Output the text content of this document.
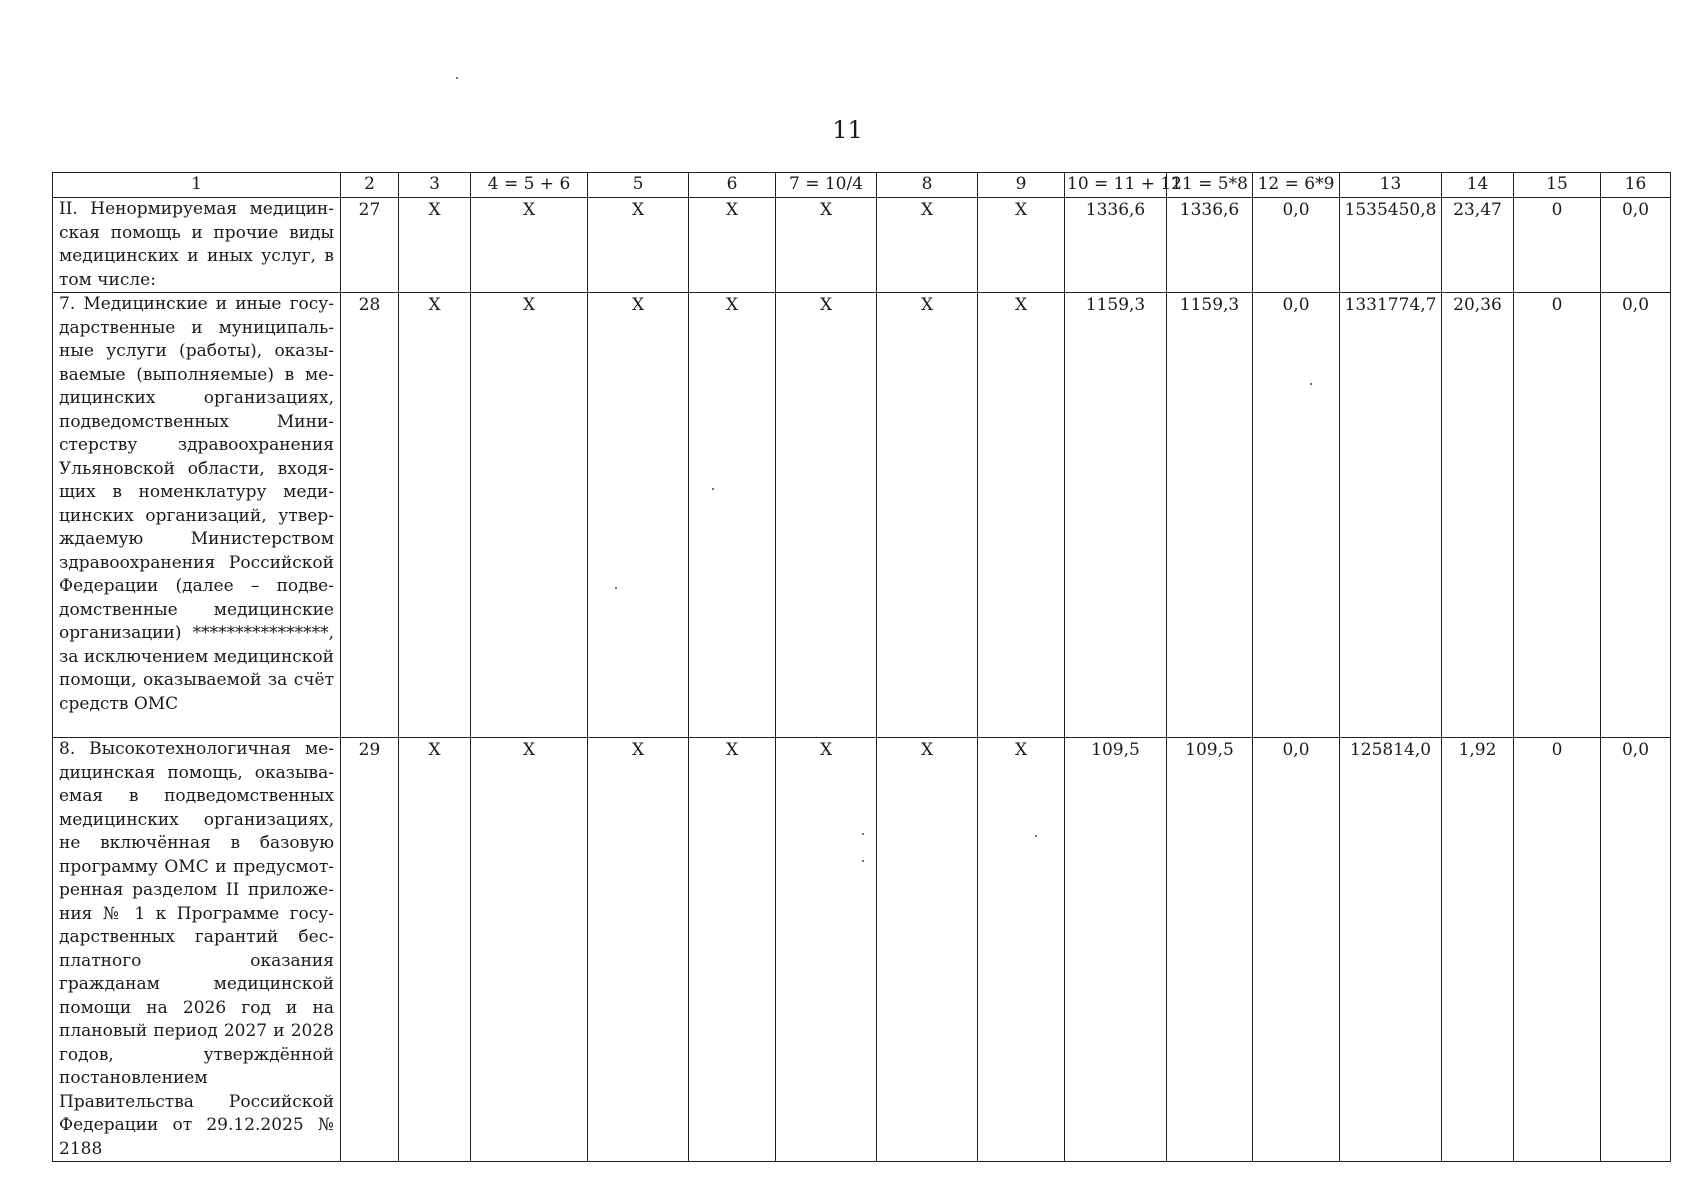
11
1	2	3	4 = 5 + 6	5	6	7 = 10/4	8	9	10 = 11 + 12	11 = 5*8	12 = 6*9	13	14	15	16
II. Ненормируемая медицинская помощь и прочие виды медицинских и иных услуг, в том числе:	27	X	X	X	X	X	X	X	1336,6	1336,6	0,0	1535450,8	23,47	0	0,0
7. Медицинские и иные государственные и муниципальные услуги (работы), оказываемые (выполняемые) в медицинских организациях, подведомственных Министерству здравоохранения Ульяновской области, входящих в номенклатуру медицинских организаций, утверждаемую Министерством здравоохранения Российской Федерации (далее – подведомственные медицинские организации) ****************, за исключением медицинской помощи, оказываемой за счёт средств ОМС	28	X	X	X	X	X	X	X	1159,3	1159,3	0,0	1331774,7	20,36	0	0,0
8. Высокотехнологичная медицинская помощь, оказываемая в подведомственных медицинских организациях, не включённая в базовую программу ОМС и предусмотренная разделом II приложения № 1 к Программе государственных гарантий бесплатного оказания гражданам медицинской помощи на 2026 год и на плановый период 2027 и 2028 годов, утверждённой постановлением Правительства Российской Федерации от 29.12.2025 № 2188	29	X	X	X	X	X	X	X	109,5	109,5	0,0	125814,0	1,92	0	0,0
